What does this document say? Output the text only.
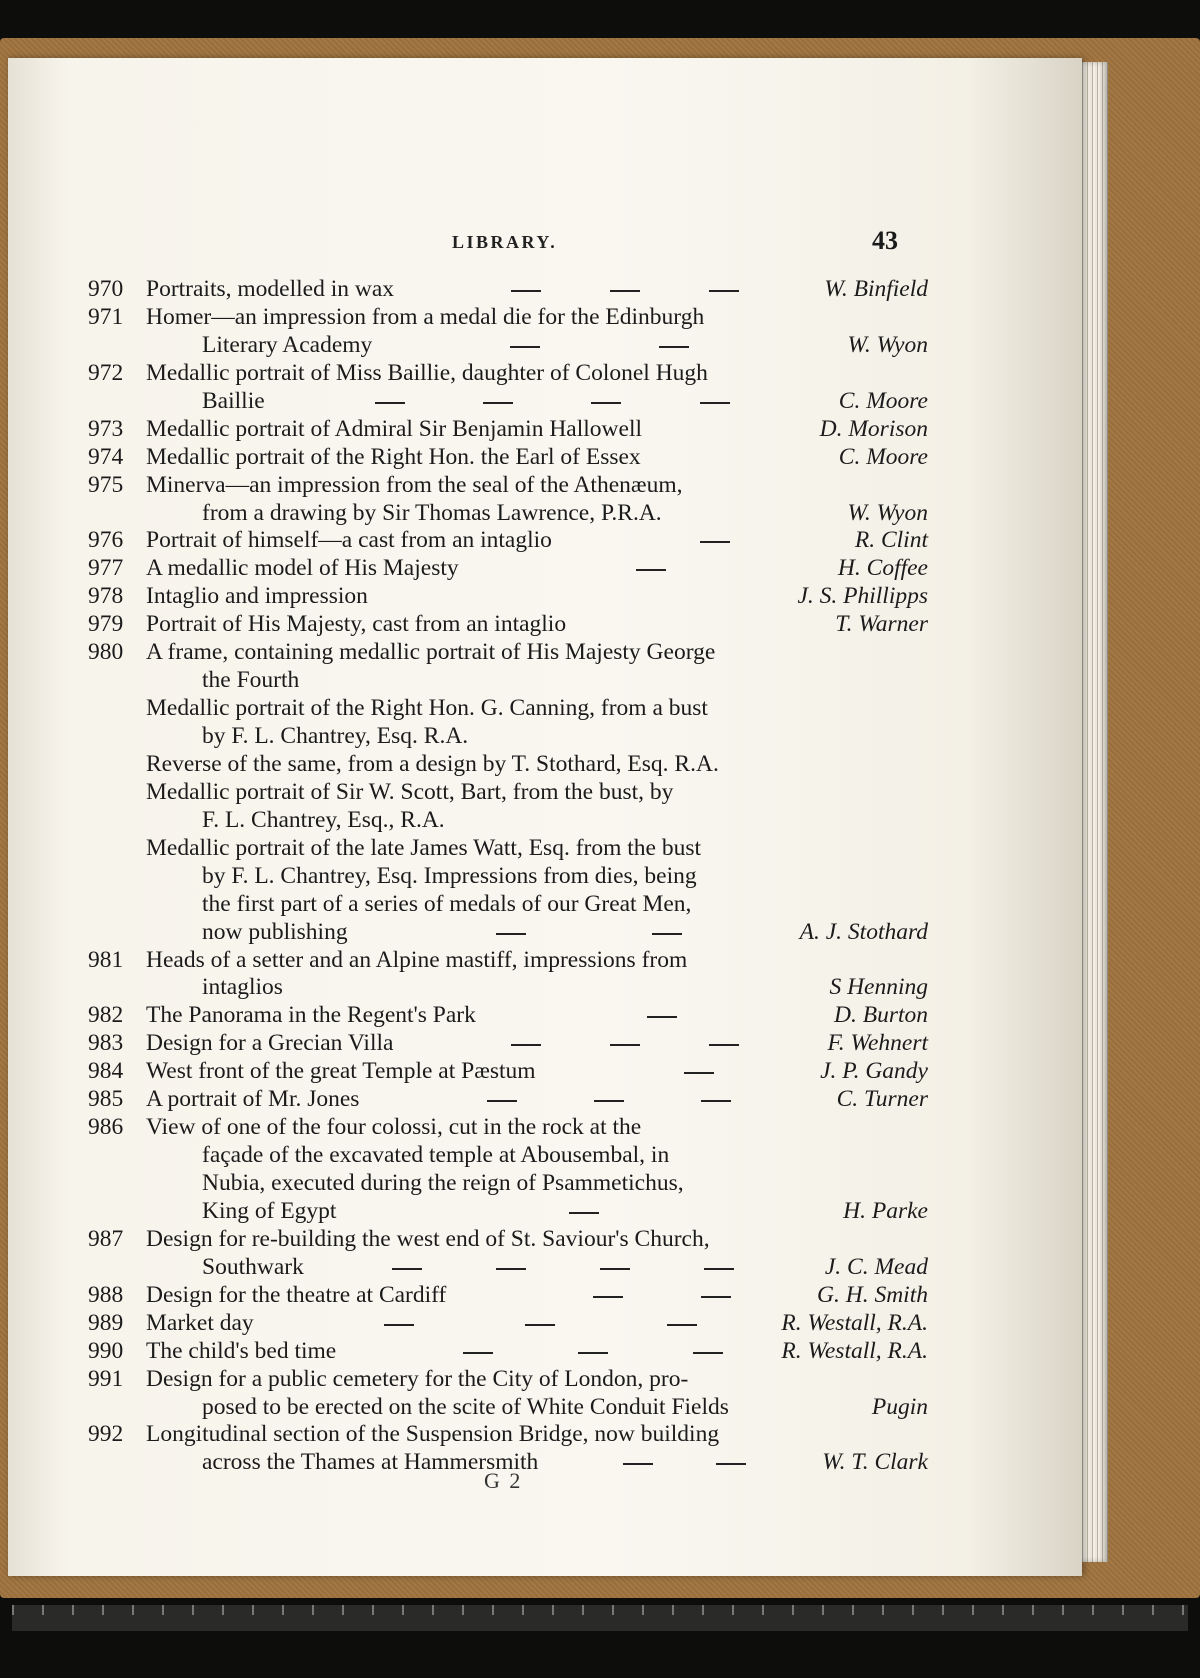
LIBRARY.	43
970 Portraits, modelled in wax	W. Binfield
971 Homer—an impression from a medal die for the Edinburgh
Literary Academy	W. Wyon
972 Medallic portrait of Miss Baillie, daughter of Colonel Hugh
Baillie	C. Moore
973 Medallic portrait of Admiral Sir Benjamin Hallowell	D. Morison
974 Medallic portrait of the Right Hon. the Earl of Essex	C. Moore
975 Minerva—an impression from the seal of the Athenæum,
from a drawing by Sir Thomas Lawrence, P.R.A.	W. Wyon
976 Portrait of himself—a cast from an intaglio	R. Clint
977 A medallic model of His Majesty	H. Coffee
978 Intaglio and impression	J. S. Phillipps
979 Portrait of His Majesty, cast from an intaglio	T. Warner
980 A frame, containing medallic portrait of His Majesty George
the Fourth
Medallic portrait of the Right Hon. G. Canning, from a bust
by F. L. Chantrey, Esq. R.A.
Reverse of the same, from a design by T. Stothard, Esq. R.A.
Medallic portrait of Sir W. Scott, Bart, from the bust, by
F. L. Chantrey, Esq., R.A.
Medallic portrait of the late James Watt, Esq. from the bust
by F. L. Chantrey, Esq. Impressions from dies, being
the first part of a series of medals of our Great Men,
now publishing	A. J. Stothard
981 Heads of a setter and an Alpine mastiff, impressions from
intaglios	S Henning
982 The Panorama in the Regent's Park	D. Burton
983 Design for a Grecian Villa	F. Wehnert
984 West front of the great Temple at Pæstum	J. P. Gandy
985 A portrait of Mr. Jones	C. Turner
986 View of one of the four colossi, cut in the rock at the
façade of the excavated temple at Abousembal, in
Nubia, executed during the reign of Psammetichus,
King of Egypt	H. Parke
987 Design for re-building the west end of St. Saviour's Church,
Southwark	J. C. Mead
988 Design for the theatre at Cardiff	G. H. Smith
989 Market day	R. Westall, R.A.
990 The child's bed time	R. Westall, R.A.
991 Design for a public cemetery for the City of London, pro-
posed to be erected on the scite of White Conduit Fields	Pugin
992 Longitudinal section of the Suspension Bridge, now building
across the Thames at Hammersmith	W. T. Clark
G 2
